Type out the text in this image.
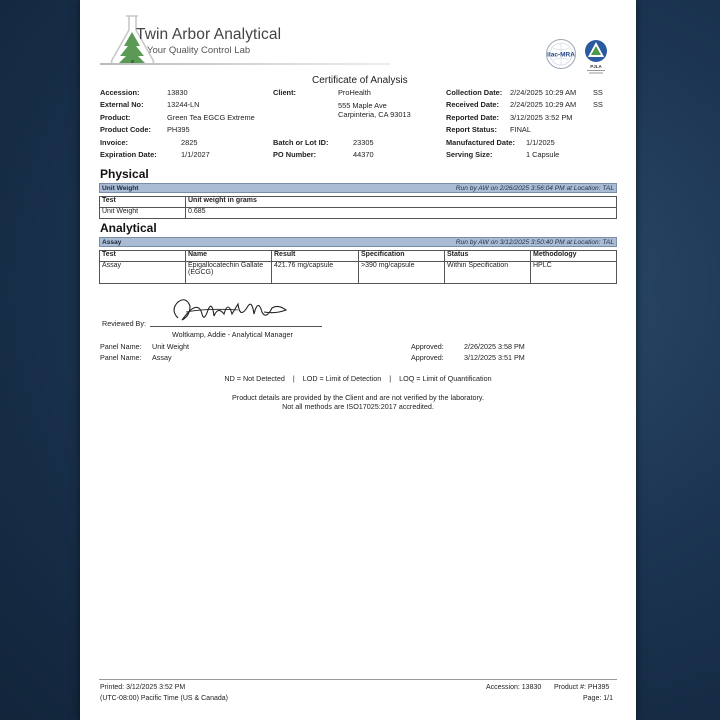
Twin Arbor Analytical
Your Quality Control Lab	ilac-MRA
PJLA
Certificate of Analysis
Accession:	13830
External No:	13244-LN
Product:	Green Tea EGCG Extreme
Product Code: PH395
Invoice:	2825
Expiration Date:	1/1/2027
Client:	ProHealth
555 Maple Ave
Carpinteria, CA 93013
Batch or Lot ID:	23305
PO Number:	44370
Collection Date: 2/24/2025 10:29 AM SS
Received Date: 2/24/2025 10:29 AM SS
Reported Date: 3/12/2025 3:52 PM
Report Status: FINAL
Manufactured Date: 1/1/2025
Serving Size:	1 Capsule
Physical
Unit Weight	Run by AW on 2/26/2025 3:56:04 PM at Location: TAL
Test	Unit weight in grams
Unit Weight	0.685
Analytical
Assay	Run by AW on 3/12/2025 3:50:40 PM at Location: TAL
Test	Name	Result	Specification	Status	Methodology
Assay	Epigallocatechin Gallate (EGCG)	421.76 mg/capsule	>390 mg/capsule	Within Specification	HPLC
Reviewed By:
Woltkamp, Addie - Analytical Manager
Panel Name: Unit Weight	Approved:	2/26/2025 3:58 PM
Panel Name: Assay	Approved:	3/12/2025 3:51 PM
ND = Not Detected    |    LOD = Limit of Detection    |    LOQ = Limit of Quantification
Product details are provided by the Client and are not verified by the laboratory.
Not all methods are ISO17025:2017 accredited.
Printed: 3/12/2025 3:52 PM
(UTC-08:00) Pacific Time (US & Canada)
Accession: 13830 Product #: PH395
Page: 1/1
